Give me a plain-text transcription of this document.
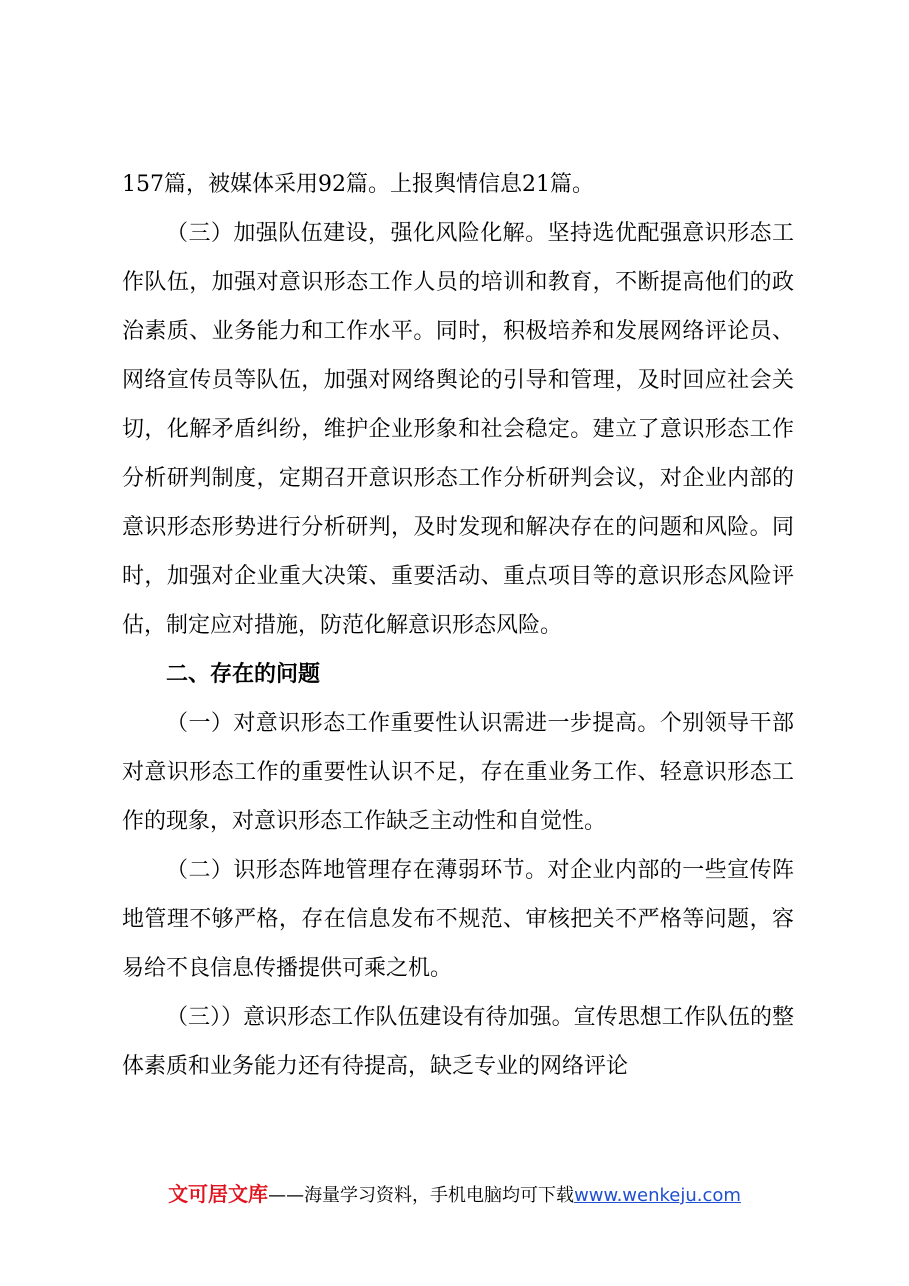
157篇，被媒体采用92篇。上报舆情信息21篇。

（三）加强队伍建设，强化风险化解。坚持选优配强意识形态工作队伍，加强对意识形态工作人员的培训和教育，不断提高他们的政治素质、业务能力和工作水平。同时，积极培养和发展网络评论员、网络宣传员等队伍，加强对网络舆论的引导和管理，及时回应社会关切，化解矛盾纠纷，维护企业形象和社会稳定。建立了意识形态工作分析研判制度，定期召开意识形态工作分析研判会议，对企业内部的意识形态形势进行分析研判，及时发现和解决存在的问题和风险。同时，加强对企业重大决策、重要活动、重点项目等的意识形态风险评估，制定应对措施，防范化解意识形态风险。

二、存在的问题

（一）对意识形态工作重要性认识需进一步提高。个别领导干部对意识形态工作的重要性认识不足，存在重业务工作、轻意识形态工作的现象，对意识形态工作缺乏主动性和自觉性。

（二）识形态阵地管理存在薄弱环节。对企业内部的一些宣传阵地管理不够严格，存在信息发布不规范、审核把关不严格等问题，容易给不良信息传播提供可乘之机。

（三））意识形态工作队伍建设有待加强。宣传思想工作队伍的整体素质和业务能力还有待提高，缺乏专业的网络评论

文可居文库——海量学习资料，手机电脑均可下载www.wenkeju.com
